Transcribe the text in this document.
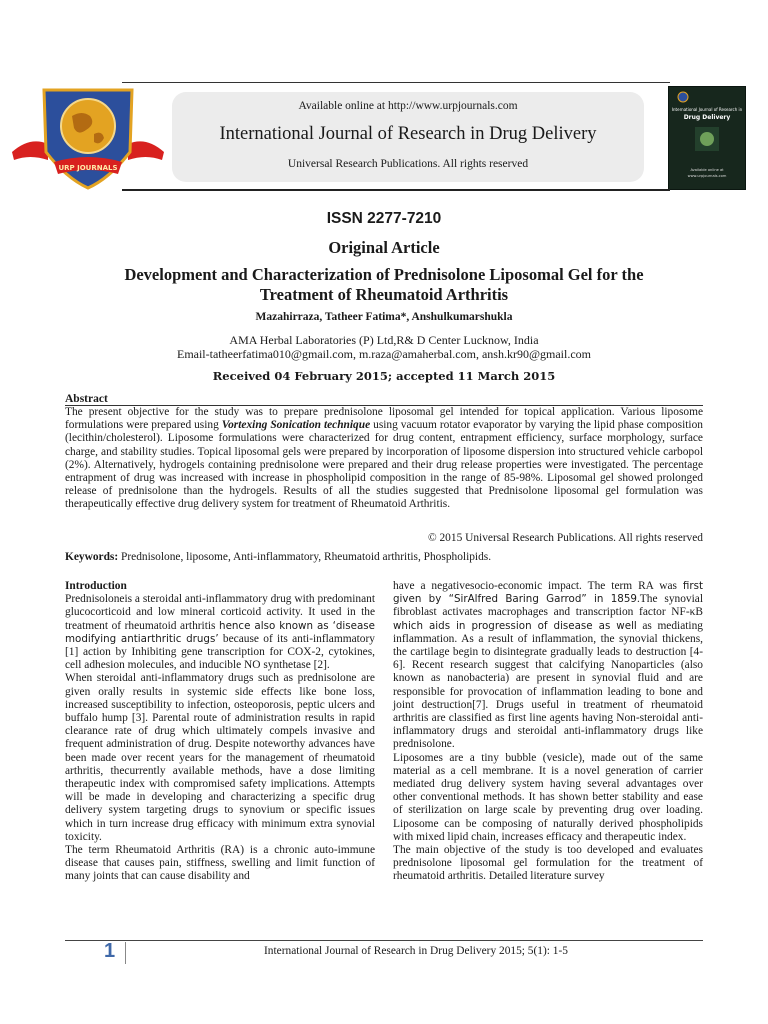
URP JOURNALS
Available online at http://www.urpjournals.com
International Journal of Research in Drug Delivery
Universal Research Publications. All rights reserved
International Journal of Research in
Drug Delivery
Available online at
www.urpjournals.com
ISSN 2277-7210
Original Article
Development and Characterization of Prednisolone Liposomal Gel for the
Treatment of Rheumatoid Arthritis
Mazahirraza, Tatheer Fatima*, Anshulkumarshukla
AMA Herbal Laboratories (P) Ltd,R& D Center Lucknow, India
Email-tatheerfatima010@gmail.com, m.raza@amaherbal.com, ansh.kr90@gmail.com
Received 04 February 2015; accepted 11 March 2015
Abstract
The present objective for the study was to prepare prednisolone liposomal gel intended for topical application. Various liposome formulations were prepared using Vortexing Sonication technique using vacuum rotator evaporator by varying the lipid phase composition (lecithin/cholesterol). Liposome formulations were characterized for drug content, entrapment efficiency, surface morphology, surface charge, and stability studies. Topical liposomal gels were prepared by incorporation of liposome dispersion into structured vehicle carbopol (2%). Alternatively, hydrogels containing prednisolone were prepared and their drug release properties were investigated. The percentage entrapment of drug was increased with increase in phospholipid composition in the range of 85-98%. Liposomal gel showed prolonged release of prednisolone than the hydrogels. Results of all the studies suggested that Prednisolone liposomal gel formulation was therapeutically effective drug delivery system for treatment of Rheumatoid Arthritis.
© 2015 Universal Research Publications. All rights reserved
Keywords: Prednisolone, liposome, Anti-inflammatory, Rheumatoid arthritis, Phospholipids.
Introduction

Prednisoloneis a steroidal anti-inflammatory drug with predominant glucocorticoid and low mineral corticoid activity. It used in the treatment of rheumatoid arthritis hence also known as ‘disease modifying antiarthritic drugs’ because of its anti-inflammatory [1] action by Inhibiting gene transcription for COX-2, cytokines, cell adhesion molecules, and inducible NO synthetase [2].

When steroidal anti-inflammatory drugs such as prednisolone are given orally results in systemic side effects like bone loss, increased susceptibility to infection, osteoporosis, peptic ulcers and buffalo hump [3]. Parental route of administration results in rapid clearance rate of drug which ultimately compels invasive and frequent administration of drug. Despite noteworthy advances have been made over recent years for the management of rheumatoid arthritis, thecurrently available methods, have a dose limiting therapeutic index with compromised safety implications. Attempts will be made in developing and characterizing a specific drug delivery system targeting drugs to synovium or specific issues which in turn increase drug efficacy with minimum extra synovial toxicity.

The term Rheumatoid Arthritis (RA) is a chronic auto-immune disease that causes pain, stiffness, swelling and limit function of many joints that can cause disability and

have a negativesocio-economic impact. The term RA was first given by “SirAlfred Baring Garrod” in 1859.The synovial fibroblast activates macrophages and transcription factor NF-κB which aids in progression of disease as well as mediating inflammation. As a result of inflammation, the synovial thickens, the cartilage begin to disintegrate gradually leads to destruction [4-6]. Recent research suggest that calcifying Nanoparticles (also known as nanobacteria) are present in synovial fluid and are responsible for provocation of inflammation leading to bone and joint destruction[7]. Drugs useful in treatment of rheumatoid arthritis are classified as first line agents having Non-steroidal anti-inflammatory drugs and steroidal anti-inflammatory drugs like prednisolone.

Liposomes are a tiny bubble (vesicle), made out of the same material as a cell membrane. It is a novel generation of carrier mediated drug delivery system having several advantages over other conventional methods. It has shown better stability and ease of sterilization on large scale by preventing drug over loading. Liposome can be composing of naturally derived phospholipids with mixed lipid chain, increases efficacy and therapeutic index.

The main objective of the study is too developed and evaluates prednisolone liposomal gel formulation for the treatment of rheumatoid arthritis. Detailed literature survey

1	International Journal of Research in Drug Delivery 2015; 5(1): 1-5
